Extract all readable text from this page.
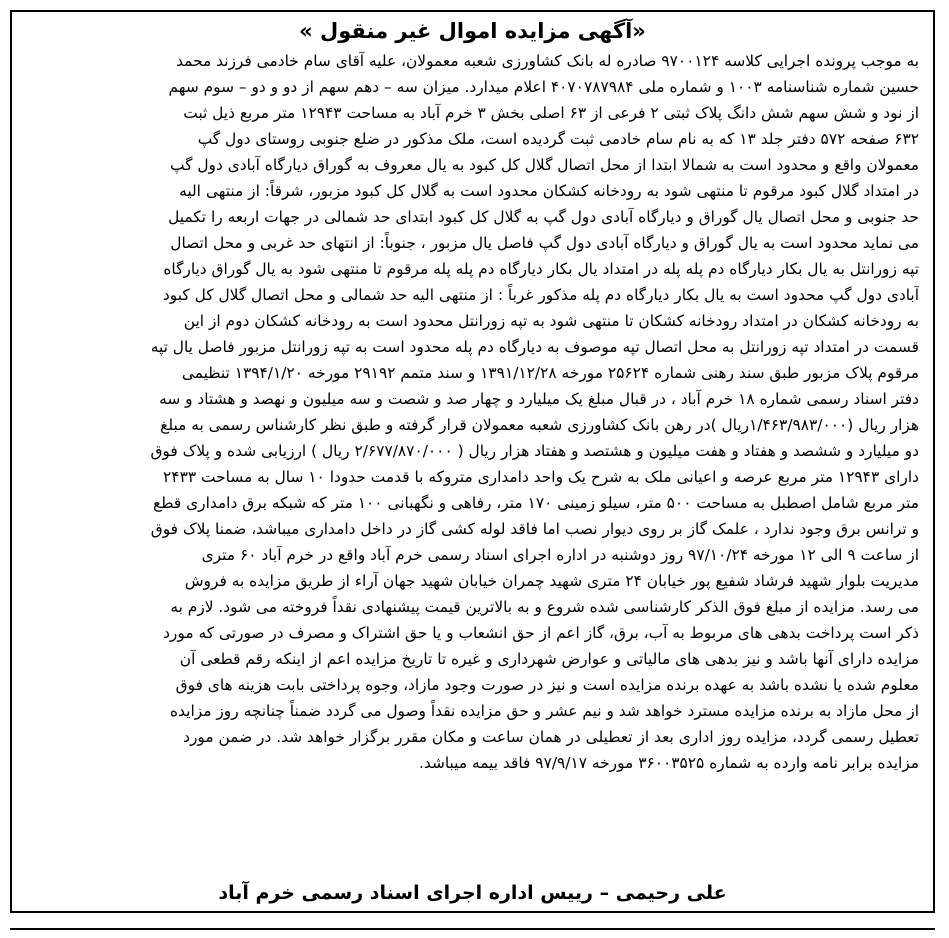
«آگهی مزایده اموال غیر منقول »
به موجب پرونده اجرایی کلاسه ۹۷۰۰۱۲۴ صادره له بانک کشاورزی شعبه معمولان، علیه آقای سام خادمی فرزند محمد
حسین شماره شناسنامه ۱۰۰۳ و شماره ملی ۴۰۷۰۷۸۷۹۸۴ اعلام میدارد. میزان سه – دهم سهم از دو و دو – سوم سهم
از نود و شش سهم شش دانگ پلاک ثبتی ۲ فرعی از ۶۳ اصلی بخش ۳ خرم آباد به مساحت ۱۲۹۴۳ متر مربع ذیل ثبت
۶۳۲ صفحه ۵۷۲ دفتر جلد ۱۳ که به نام سام خادمی ثبت گردیده است، ملک مذکور در ضلع جنوبی روستای دول گپ
معمولان واقع و محدود است به شمالا ابتدا از محل اتصال گلال کل کبود به یال معروف به گوراق دیارگاه آبادی دول گپ
در امتداد گلال کبود مرقوم تا منتهی شود به رودخانه کشکان محدود است به گلال کل کبود مزبور، شرقاً: از منتهی الیه
حد جنوبی و محل اتصال یال گوراق و دیارگاه آبادی دول گپ به گلال کل کبود ابتدای حد شمالی در جهات اربعه را تکمیل
می نماید محدود است به یال گوراق و دیارگاه آبادی دول گپ فاصل یال مزبور ، جنوباً: از انتهای حد غربی و محل اتصال
تپه زورانتل به یال بکار دیارگاه دم پله پله در امتداد یال بکار دیارگاه دم پله پله مرقوم تا منتهی شود به یال گوراق دیارگاه
آبادی دول گپ محدود است به یال بکار دیارگاه دم پله مذکور غرباً : از منتهی الیه حد شمالی و محل اتصال گلال کل کبود
به رودخانه کشکان در امتداد رودخانه کشکان تا منتهی شود به تپه زورانتل محدود است به رودخانه کشکان دوم از این
قسمت در امتداد تپه زورانتل به محل اتصال تپه موصوف به دیارگاه دم پله محدود است به تپه زورانتل مزبور فاصل یال تپه
مرقوم پلاک مزبور طبق سند رهنی شماره ۲۵۶۲۴ مورخه ۱۳۹۱/۱۲/۲۸ و سند متمم ۲۹۱۹۲ مورخه ۱۳۹۴/۱/۲۰ تنظیمی
دفتر اسناد رسمی شماره ۱۸ خرم آباد ، در قبال مبلغ یک میلیارد و چهار صد و شصت و سه میلیون و نهصد و هشتاد و سه
هزار ریال (۱/۴۶۳/۹۸۳/۰۰۰ریال )در رهن بانک کشاورزی شعبه معمولان قرار گرفته و طبق نظر کارشناس رسمی به مبلغ
دو میلیارد و ششصد و هفتاد و هفت میلیون و هشتصد و هفتاد هزار ریال ( ۲/۶۷۷/۸۷۰/۰۰۰ ریال ) ارزیابی شده و پلاک فوق
دارای ۱۲۹۴۳ متر مربع عرصه و اعیانی ملک به شرح یک واحد دامداری متروکه با قدمت حدودا ۱۰ سال به مساحت ۲۴۳۳
متر مربع شامل اصطبل به مساحت ۵۰۰ متر، سیلو زمینی ۱۷۰ متر، رفاهی و نگهبانی ۱۰۰ متر که شبکه برق دامداری قطع
و ترانس برق وجود ندارد ، علمک گاز بر روی دیوار نصب اما فاقد لوله کشی گاز در داخل دامداری میباشد، ضمنا پلاک فوق
از ساعت ۹ الی ۱۲ مورخه ۹۷/۱۰/۲۴ روز دوشنبه در اداره اجرای اسناد رسمی خرم آباد واقع در خرم آباد ۶۰ متری
مدیریت بلوار شهید فرشاد شفیع پور خیابان ۲۴ متری شهید چمران خیابان شهید جهان آراء از طریق مزایده به فروش
می رسد. مزایده از مبلغ فوق الذکر کارشناسی شده شروع و به بالاترین قیمت پیشنهادی نقداً فروخته می شود. لازم به
ذکر است پرداخت بدهی های مربوط به آب، برق، گاز اعم از حق انشعاب و یا حق اشتراک و مصرف در صورتی که مورد
مزایده دارای آنها باشد و نیز بدهی های مالیاتی و عوارض شهرداری و غیره تا تاریخ مزایده اعم از اینکه رقم قطعی آن
معلوم شده یا نشده باشد به عهده برنده مزایده است و نیز در صورت وجود مازاد، وجوه پرداختی بابت هزینه های فوق
از محل مازاد به برنده مزایده مسترد خواهد شد و نیم عشر و حق مزایده نقداً وصول می گردد ضمناً چنانچه روز مزایده
تعطیل رسمی گردد، مزایده روز اداری بعد از تعطیلی در همان ساعت و مکان مقرر برگزار خواهد شد. در ضمن مورد
مزایده برابر نامه وارده به شماره ۳۶۰۰۳۵۲۵ مورخه ۹۷/۹/۱۷ فاقد بیمه میباشد.
علی رحیمی – رییس اداره اجرای اسناد رسمی خرم آباد
